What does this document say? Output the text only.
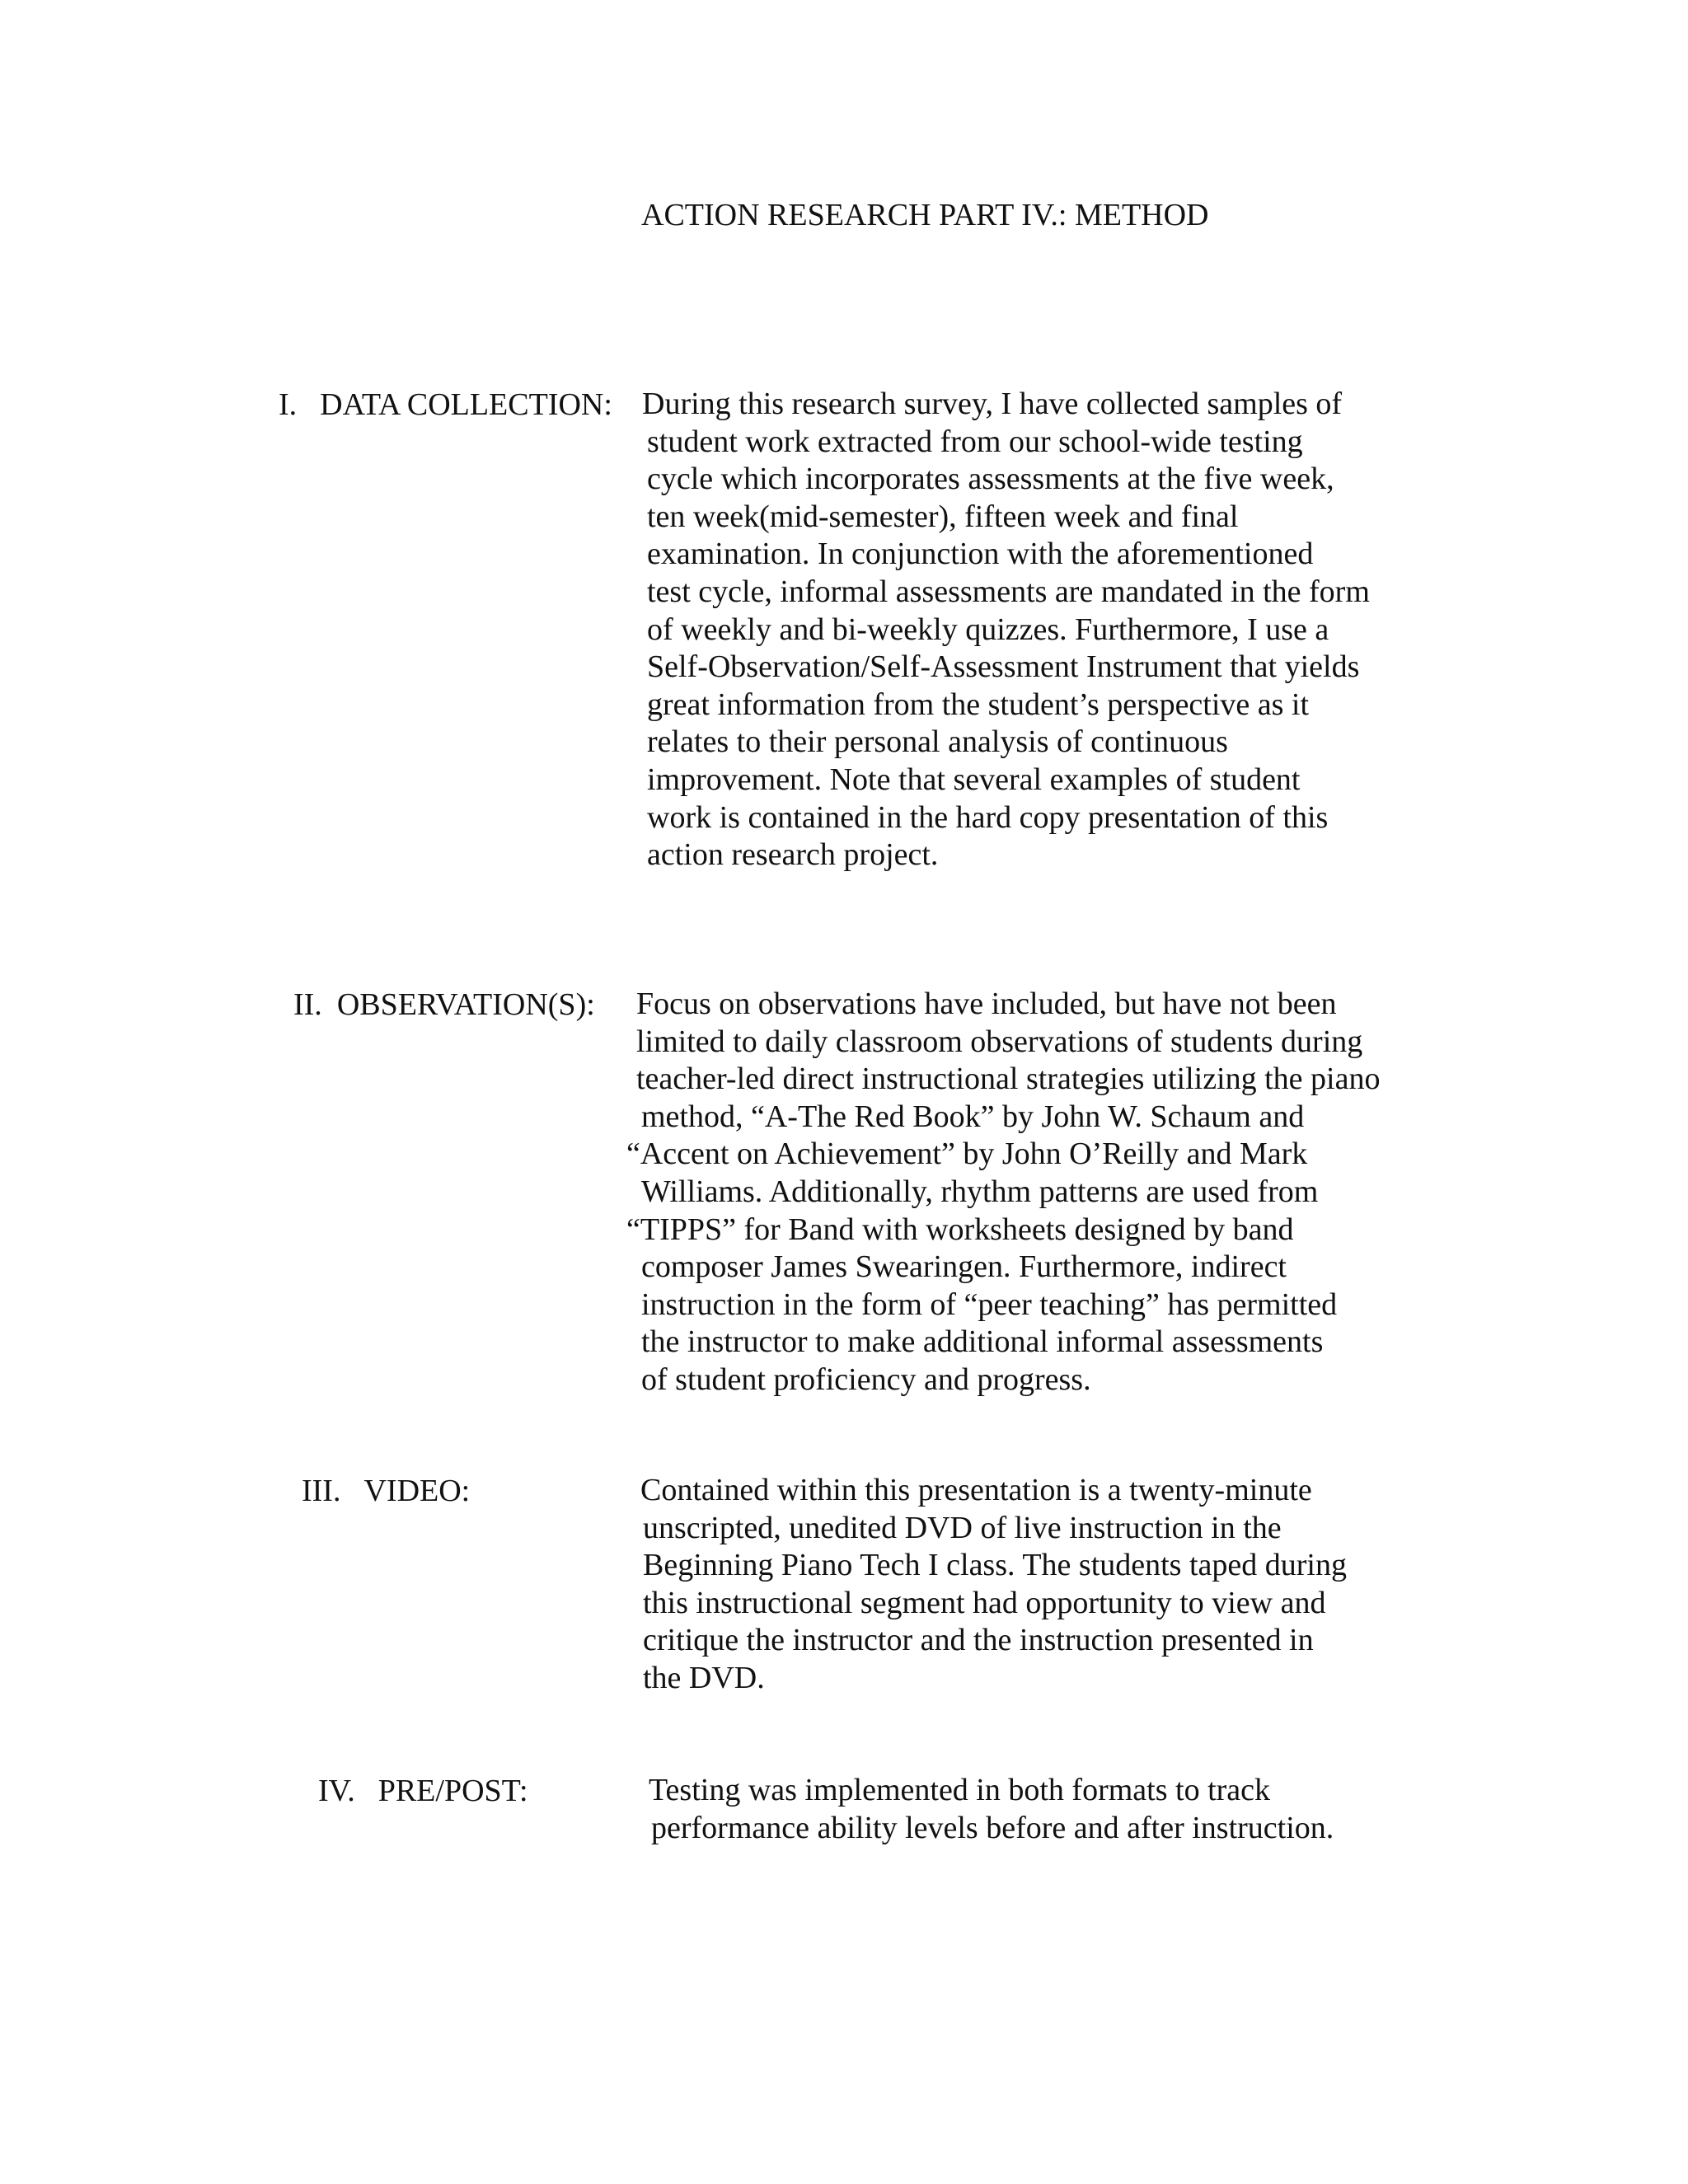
ACTION RESEARCH PART IV.: METHOD
I. DATA COLLECTION: During this research survey, I have collected samples of
student work extracted from our school-wide testing
cycle which incorporates assessments at the five week,
ten week(mid-semester), fifteen week and final
examination. In conjunction with the aforementioned
test cycle, informal assessments are mandated in the form
of weekly and bi-weekly quizzes. Furthermore, I use a
Self-Observation/Self-Assessment Instrument that yields
great information from the student’s perspective as it
relates to their personal analysis of continuous
improvement. Note that several examples of student
work is contained in the hard copy presentation of this
action research project.
II. OBSERVATION(S): Focus on observations have included, but have not been
limited to daily classroom observations of students during
teacher-led direct instructional strategies utilizing the piano
method, “A-The Red Book” by John W. Schaum and
“Accent on Achievement” by John O’Reilly and Mark
Williams. Additionally, rhythm patterns are used from
“TIPPS” for Band with worksheets designed by band
composer James Swearingen. Furthermore, indirect
instruction in the form of “peer teaching” has permitted
the instructor to make additional informal assessments
of student proficiency and progress.
III. VIDEO:	Contained within this presentation is a twenty-minute
unscripted, unedited DVD of live instruction in the
Beginning Piano Tech I class. The students taped during
this instructional segment had opportunity to view and
critique the instructor and the instruction presented in
the DVD.
IV. PRE/POST:	Testing was implemented in both formats to track
performance ability levels before and after instruction.
